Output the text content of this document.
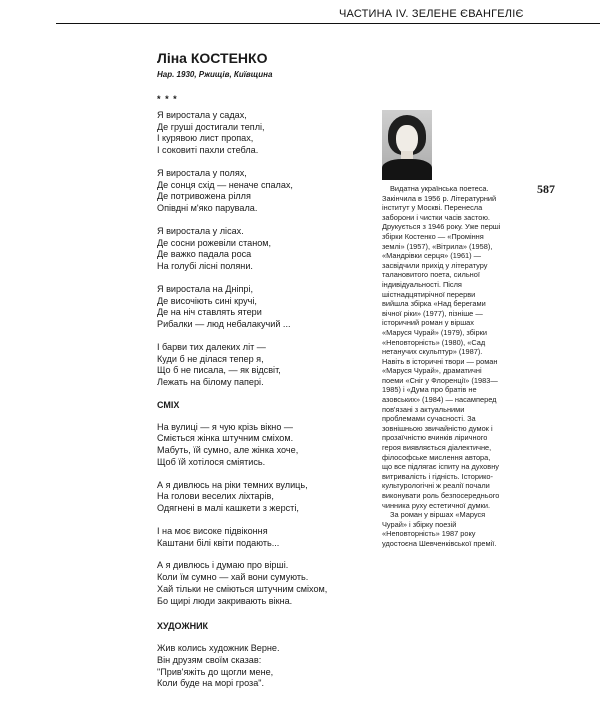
ЧАСТИНА IV. ЗЕЛЕНЕ ЄВАНГЕЛІЄ
Ліна КОСТЕНКО
Нар. 1930, Ржищів, Київщина
* * *
Я виростала у садах,
Де груші достигали теплі,
І курявою лист пропах,
І соковиті пахли стебла.
Я виростала у полях,
Де сонця схід — неначе спалах,
Де потривожена рілля
Опівдні м'яко парувала.
Я виростала у лісах.
Де сосни рожевіли станом,
Де важко падала роса
На голубі лісні поляни.
Я виростала на Дніпрі,
Де височіють сині кручі,
Де на ніч ставлять ятери
Рибалки — люд небалакучий ...
І барви тих далеких літ —
Куди б не ділася тепер я,
Що б не писала, — як відсвіт,
Лежать на білому папері.
СМІХ
На вулиці — я чую крізь вікно —
Сміється жінка штучним сміхом.
Мабуть, їй сумно, але жінка хоче,
Щоб їй хотілося сміятись.
А я дивлюсь на ріки темних вулиць,
На голови веселих ліхтарів,
Одягнені в малі кашкети з жерсті,
І на моє високе підвіконня
Каштани білі квіти подають...
А я дивлюсь і думаю про вірші.
Коли їм сумно — хай вони сумують.
Хай тільки не сміються штучним сміхом,
Бо щирі люди закривають вікна.
ХУДОЖНИК
Жив колись художник Верне.
Він друзям своїм сказав:
"Прив'яжіть до щогли мене,
Коли буде на морі гроза".
587

Видатна українська поетеса. Закінчила в 1956 р. Літературний інститут у Москві. Перенесла заборони і чистки часів застою. Друкується з 1946 року. Уже перші збірки Костенко — «Проміння землі» (1957), «Вітрила» (1958), «Мандрівки серця» (1961) — засвідчили прихід у літературу талановитого поета, сильної індивідуальності. Після шістнадцятирічної перерви вийшла збірка «Над берегами вічної ріки» (1977), пізніше — історичний роман у віршах «Маруся Чурай» (1979), збірки «Неповторність» (1980), «Сад нетанучих скульптур» (1987). Навіть в історичні твори — роман «Маруся Чурай», драматичні поеми «Сніг у Флоренції» (1983—1985) і «Дума про братів не азовських» (1984) — насамперед пов'язані з актуальними проблемами сучасності. За зовнішньою звичайністю думок і прозаїчністю вчинків ліричного героя виявляється діалектичне, філософське мислення автора, що все підлягає іспиту на духовну витривалість і гідність. Історико-культурологічні ж реалії почали виконувати роль безпосереднього чинника руху естетичної думки.

За роман у віршах «Маруся Чурай» і збірку поезій «Неповторність» 1987 року удостоєна Шевченківської премії.
